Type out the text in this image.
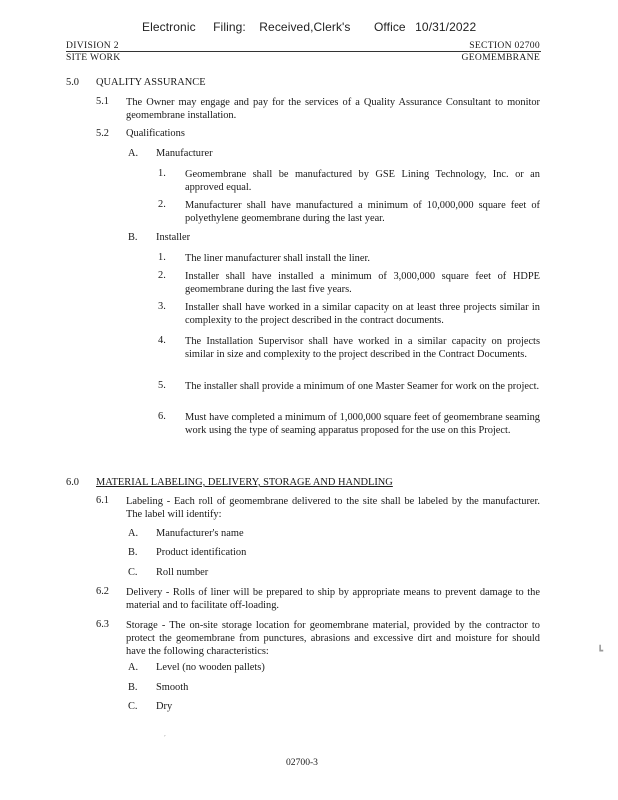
Electronic Filing: Received,Clerk's Office 10/31/2022
DIVISION 2
SITE WORK
SECTION 02700
GEOMEMBRANE
5.0 QUALITY ASSURANCE
5.1 The Owner may engage and pay for the services of a Quality Assurance Consultant to monitor geomembrane installation.
5.2 Qualifications
A. Manufacturer
1. Geomembrane shall be manufactured by GSE Lining Technology, Inc. or an approved equal.
2. Manufacturer shall have manufactured a minimum of 10,000,000 square feet of polyethylene geomembrane during the last year.
B. Installer
1. The liner manufacturer shall install the liner.
2. Installer shall have installed a minimum of 3,000,000 square feet of HDPE geomembrane during the last five years.
3. Installer shall have worked in a similar capacity on at least three projects similar in complexity to the project described in the contract documents.
4. The Installation Supervisor shall have worked in a similar capacity on projects similar in size and complexity to the project described in the Contract Documents.
5. The installer shall provide a minimum of one Master Seamer for work on the project.
6. Must have completed a minimum of 1,000,000 square feet of geomembrane seaming work using the type of seaming apparatus proposed for the use on this Project.
6.0 MATERIAL LABELING, DELIVERY, STORAGE AND HANDLING
6.1 Labeling - Each roll of geomembrane delivered to the site shall be labeled by the manufacturer. The label will identify:
A. Manufacturer's name
B. Product identification
C. Roll number
6.2 Delivery - Rolls of liner will be prepared to ship by appropriate means to prevent damage to the material and to facilitate off-loading.
6.3 Storage - The on-site storage location for geomembrane material, provided by the contractor to protect the geomembrane from punctures, abrasions and excessive dirt and moisture for should have the following characteristics:
A. Level (no wooden pallets)
B. Smooth
C. Dry
┗
′
02700-3
